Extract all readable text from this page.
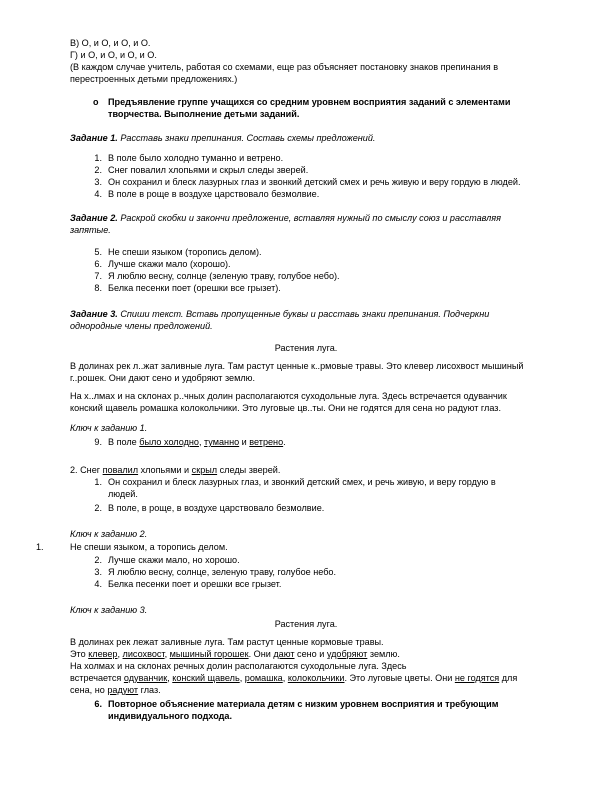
В) О, и О, и О, и О.
Г) и О, и О, и О, и О.
(В каждом случае учитель, работая со схемами, еще раз объясняет постановку знаков препинания в
перестроенных детьми предложениях.)
o Предъявление группе учащихся со средним уровнем восприятия заданий с элементами
творчества. Выполнение детьми заданий.
Задание 1. Расставь знаки препинания. Составь схемы предложений.
1. В поле было холодно туманно и ветрено.
2. Снег повалил хлопьями и скрыл следы зверей.
3. Он сохранил и блеск лазурных глаз и звонкий детский смех и речь живую и веру гордую в людей.
4. В поле в роще в воздухе царствовало безмолвие.
Задание 2. Раскрой скобки и закончи предложение, вставляя нужный по смыслу союз и расставляя
запятые.
5. Не спеши языком (торопись делом).
6. Лучше скажи мало (хорошо).
7. Я люблю весну, солнце (зеленую траву, голубое небо).
8. Белка песенки поет (орешки все грызет).
Задание 3. Спиши текст. Вставь пропущенные буквы и расставь знаки препинания. Подчеркни
однородные члены предложений.
Растения луга.
В долинах рек л..жат заливные луга. Там растут ценные к..рмовые травы. Это клевер лисохвост мышиный
г..рошек. Они дают сено и удобряют землю.
На х..лмах и на склонах р..чных долин располагаются суходольные луга. Здесь встречается одуванчик
конский щавель ромашка колокольчики. Это луговые цв..ты. Они не годятся для сена но радуют глаз.
Ключ к заданию 1.
9. В поле было холодно, туманно и ветрено.
2. Снег повалил хлопьями и скрыл следы зверей.
1. Он сохранил и блеск лазурных глаз, и звонкий детский смех, и речь живую, и веру гордую в
людей.
2. В поле, в роще, в воздухе царствовало безмолвие.
Ключ к заданию 2.
1.	Не спеши языком, а торопись делом.
2. Лучше скажи мало, но хорошо.
3. Я люблю весну, солнце, зеленую траву, голубое небо.
4. Белка песенки поет и орешки все грызет.
Ключ к заданию 3.
Растения луга.
В долинах рек лежат заливные луга. Там растут ценные кормовые травы.
Это клевер, лисохвост, мышиный горошек. Они дают сено и удобряют землю.
На холмах и на склонах речных долин располагаются суходольные луга. Здесь
встречается одуванчик, конский щавель, ромашка, колокольчики. Это луговые цветы. Они не годятся для
сена, но радуют глаз.
6. Повторное объяснение материала детям с низким уровнем восприятия и требующим
индивидуального подхода.
